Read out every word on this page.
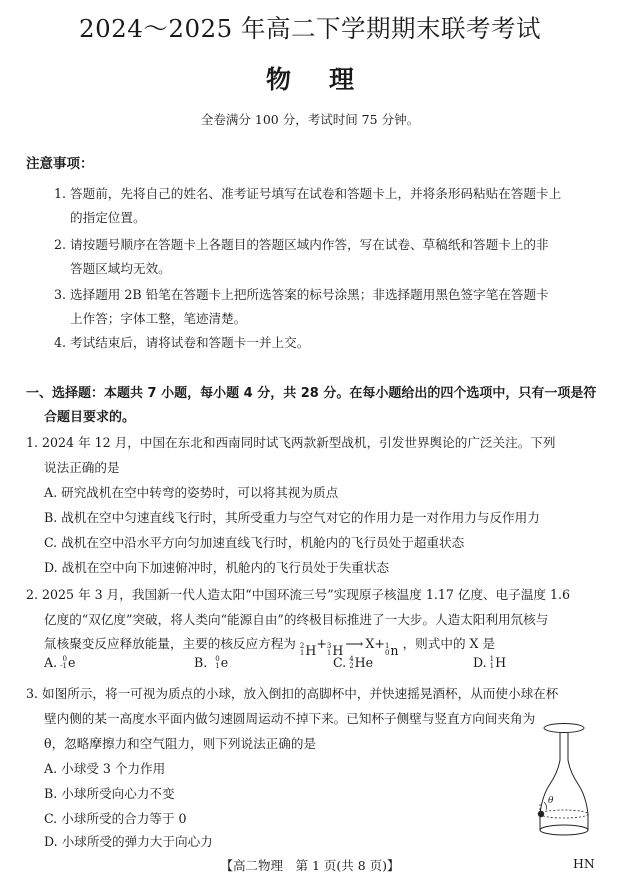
2024～2025 年高二下学期期末联考考试
物理
全卷满分 100 分，考试时间 75 分钟。
注意事项：
1. 答题前，先将自己的姓名、准考证号填写在试卷和答题卡上，并将条形码粘贴在答题卡上
的指定位置。
2. 请按题号顺序在答题卡上各题目的答题区域内作答，写在试卷、草稿纸和答题卡上的非
答题区域均无效。
3. 选择题用 2B 铅笔在答题卡上把所选答案的标号涂黑；非选择题用黑色签字笔在答题卡
上作答；字体工整，笔迹清楚。
4. 考试结束后，请将试卷和答题卡一并上交。
一、选择题：本题共 7 小题，每小题 4 分，共 28 分。在每小题给出的四个选项中，只有一项是符
合题目要求的。
1. 2024 年 12 月，中国在东北和西南同时试飞两款新型战机，引发世界舆论的广泛关注。下列
说法正确的是
A. 研究战机在空中转弯的姿势时，可以将其视为质点
B. 战机在空中匀速直线飞行时，其所受重力与空气对它的作用力是一对作用力与反作用力
C. 战机在空中沿水平方向匀加速直线飞行时，机舱内的飞行员处于超重状态
D. 战机在空中向下加速俯冲时，机舱内的飞行员处于失重状态
2. 2025 年 3 月，我国新一代人造太阳“中国环流三号”实现原子核温度 1.17 亿度、电子温度 1.6
亿度的“双亿度”突破，将人类向“能源自由”的终极目标推进了一大步。人造太阳利用氘核与
氚核聚变反应释放能量，主要的核反应方程为 2
1 H + 3
1 H ⟶ X+ 1
0 n ，则式中的 X 是
A. 0
-1 e	B. 0
1 e	C. 4
2 He	D. 1
1 H
3. 如图所示，将一可视为质点的小球，放入倒扣的高脚杯中，并快速摇晃酒杯，从而使小球在杯
壁内侧的某一高度水平面内做匀速圆周运动不掉下来。已知杯子侧壁与竖直方向间夹角为
θ，忽略摩擦力和空气阻力，则下列说法正确的是
A. 小球受 3 个力作用
B. 小球所受向心力不变
C. 小球所受的合力等于 0
D. 小球所受的弹力大于向心力
θ
【高二物理　第 1 页(共 8 页)】	HN
